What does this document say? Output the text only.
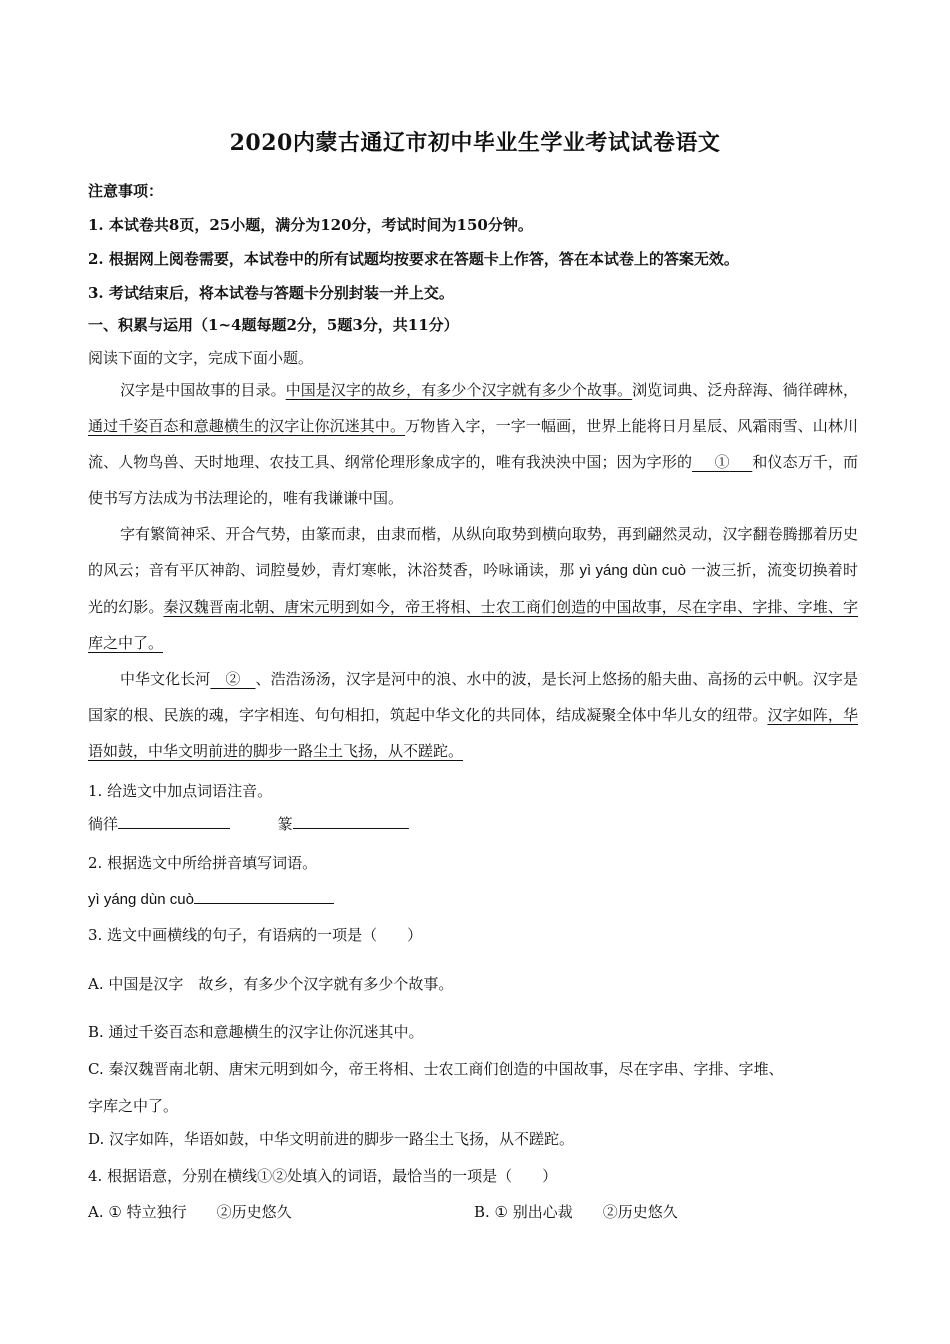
2020内蒙古通辽市初中毕业生学业考试试卷语文
注意事项：
1. 本试卷共8页，25小题，满分为120分，考试时间为150分钟。
2. 根据网上阅卷需要，本试卷中的所有试题均按要求在答题卡上作答，答在本试卷上的答案无效。
3. 考试结束后，将本试卷与答题卡分别封装一并上交。
一、积累与运用（1~4题每题2分，5题3分，共11分）
阅读下面的文字，完成下面小题。

汉字是中国故事的目录。中国是汉字的故乡，有多少个汉字就有多少个故事。浏览词典、泛舟辞海、徜徉碑林，通过千姿百态和意趣横生的汉字让你沉迷其中。万物皆入字，一字一幅画，世界上能将日月星辰、风霜雨雪、山林川流、人物鸟兽、天时地理、农技工具、纲常伦理形象成字的，唯有我泱泱中国；因为字形的   ①   和仪态万千，而使书写方法成为书法理论的，唯有我谦谦中国。

字有繁简神采、开合气势，由篆而隶，由隶而楷，从纵向取势到横向取势，再到翩然灵动，汉字翻卷腾挪着历史的风云；音有平仄神韵、词腔曼妙，青灯寒帐，沐浴焚香，吟咏诵读，那 yì yáng dùn cuò 一波三折，流变切换着时光的幻影。秦汉魏晋南北朝、唐宋元明到如今，帝王将相、士农工商们创造的中国故事，尽在字串、字排、字堆、字库之中了。

中华文化长河   ②   、浩浩汤汤，汉字是河中的浪、水中的波，是长河上悠扬的船夫曲、高扬的云中帆。汉字是国家的根、民族的魂，字字相连、句句相扣，筑起中华文化的共同体，结成凝聚全体中华儿女的纽带。汉字如阵，华语如鼓，中华文明前进的脚步一路尘土飞扬，从不蹉跎。

1. 给选文中加点词语注音。
徜徉	篆
2. 根据选文中所给拼音填写词语。
yì yáng dùn cuò
3. 选文中画横线的句子，有语病的一项是（　　）
A. 中国是汉字　故乡，有多少个汉字就有多少个故事。
B. 通过千姿百态和意趣横生的汉字让你沉迷其中。
C. 秦汉魏晋南北朝、唐宋元明到如今，帝王将相、士农工商们创造的中国故事，尽在字串、字排、字堆、
字库之中了。
D. 汉字如阵，华语如鼓，中华文明前进的脚步一路尘土飞扬，从不蹉跎。
4. 根据语意，分别在横线①②处填入的词语，最恰当的一项是（　　）
A. ① 特立独行　　②历史悠久	B. ① 别出心裁　　②历史悠久
